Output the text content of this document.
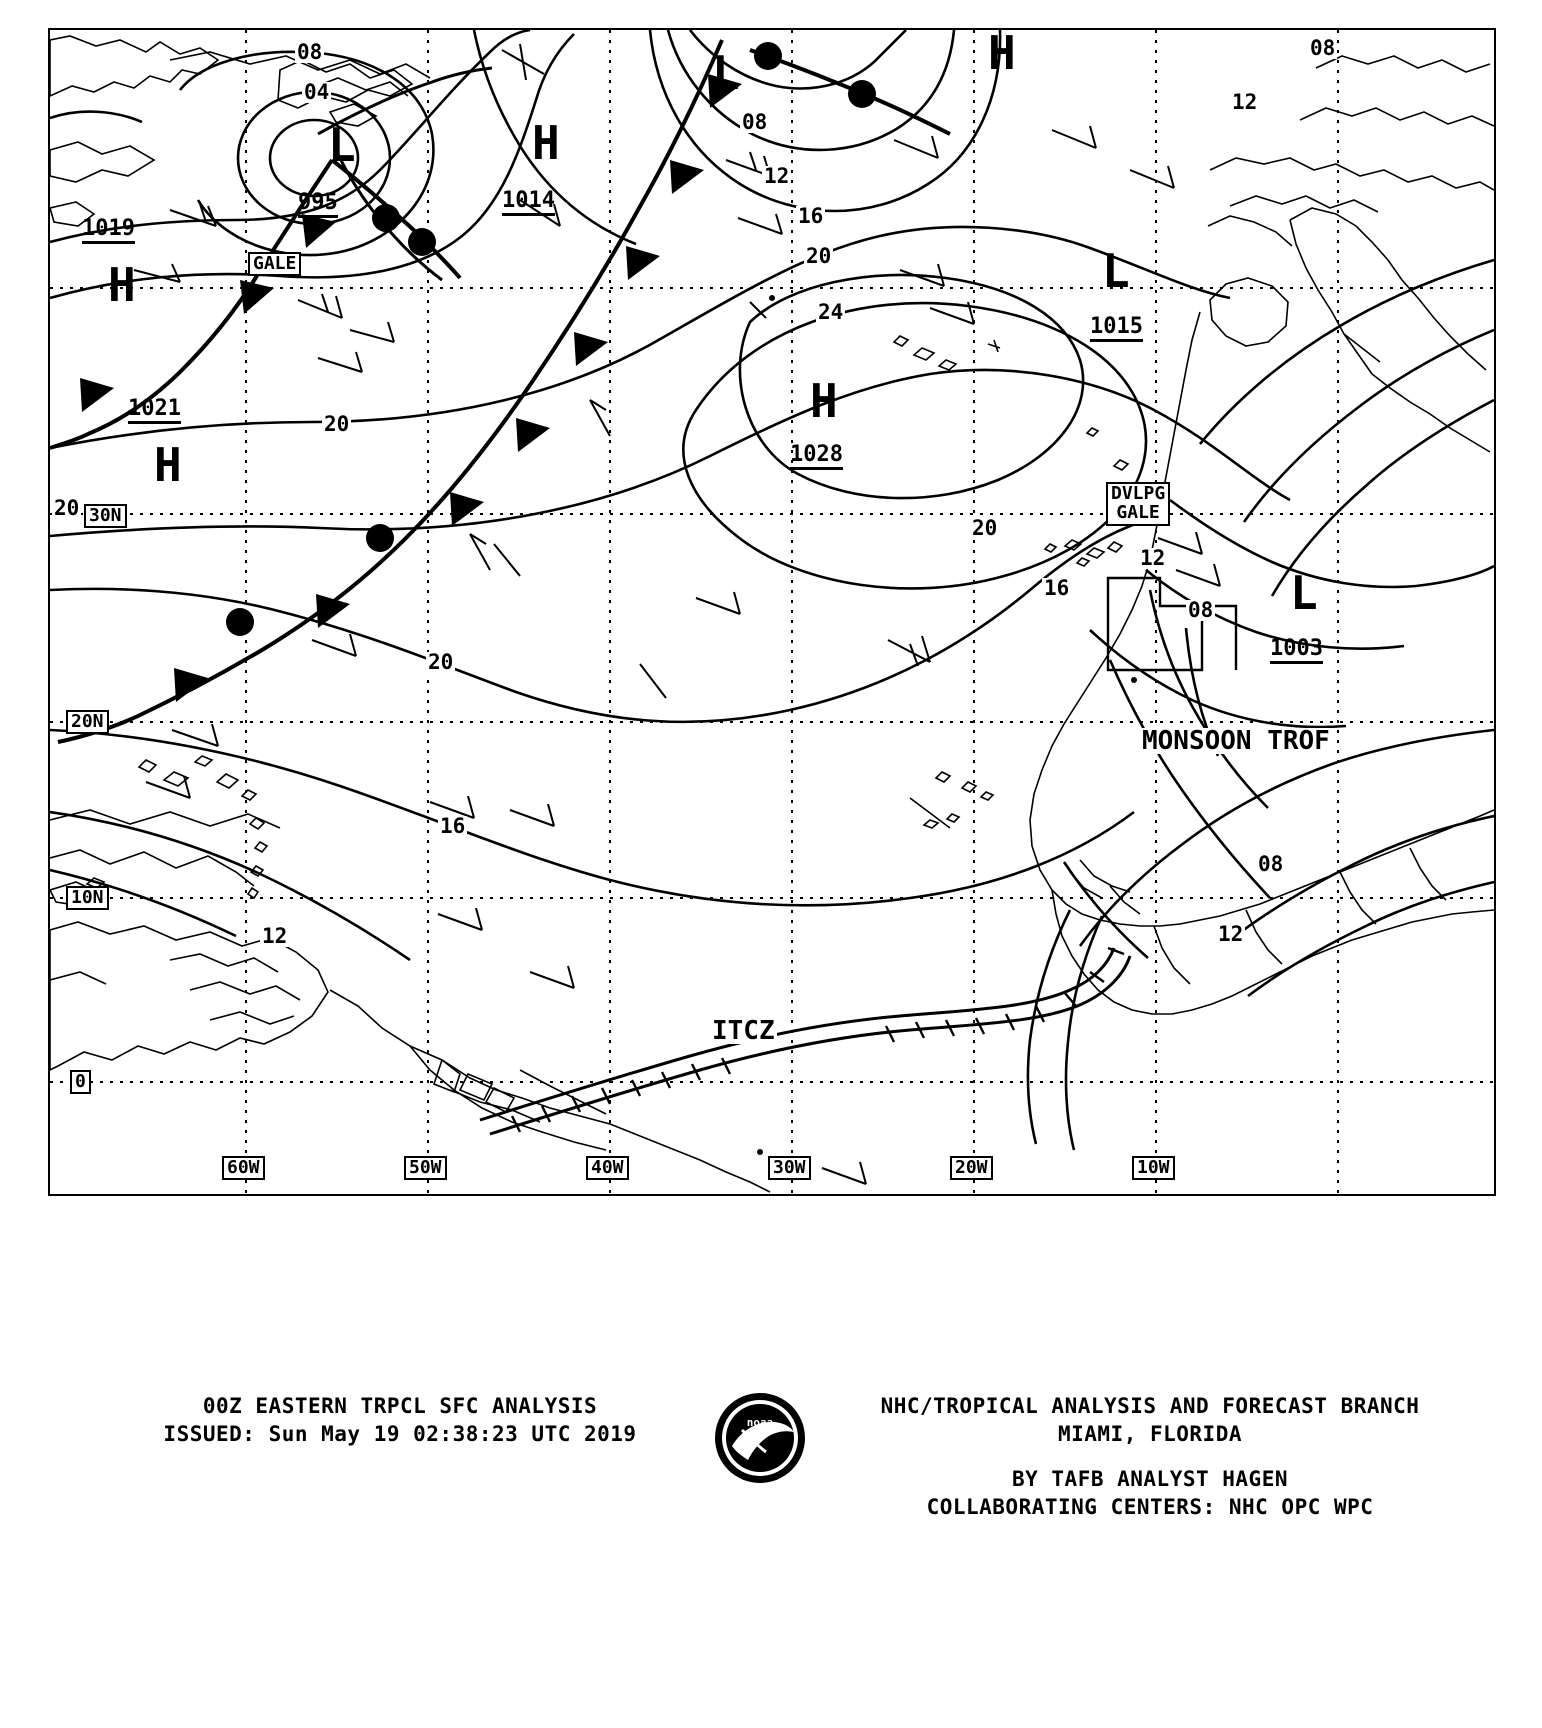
L
995
L
L
1015
L
1003
H
1014
H
1019
H
1021	H
1028
H
08
04
08
12
16
20
24
08
12
20
20
16
12
08
20
20
16
12
08
12
GALE
DVLPG
GALE
30N
20N
10N
0
60W	50W	40W	30W	20W	10W
ITCZ
MONSOON TROF
00Z EASTERN TRPCL SFC ANALYSIS
ISSUED: Sun May 19 02:38:23 UTC 2019	noaa
NHC/TROPICAL ANALYSIS AND FORECAST BRANCH
MIAMI, FLORIDA
BY TAFB ANALYST HAGEN
COLLABORATING CENTERS: NHC OPC WPC
